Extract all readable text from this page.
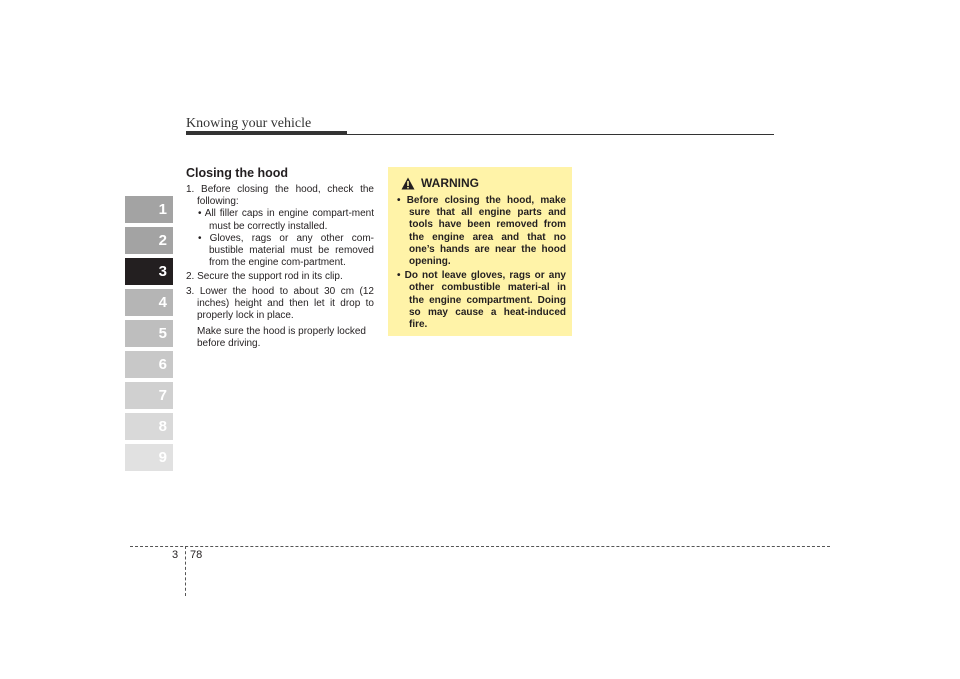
Knowing your vehicle
1
2
3
4
5
6
7
8
9
Closing the hood

1. Before closing the hood, check the following:

• All filler caps in engine compart-ment must be correctly installed.

• Gloves, rags or any other com-bustible material must be removed from the engine com-partment.

2. Secure the support rod in its clip.

3. Lower the hood to about 30 cm (12 inches) height and then let it drop to properly lock in place.

Make sure the hood is properly locked before driving.

WARNING

• Before closing the hood, make sure that all engine parts and tools have been removed from the engine area and that no one’s hands are near the hood opening.

• Do not leave gloves, rags or any other combustible materi-al in the engine compartment. Doing so may cause a heat-induced fire.

3 78
